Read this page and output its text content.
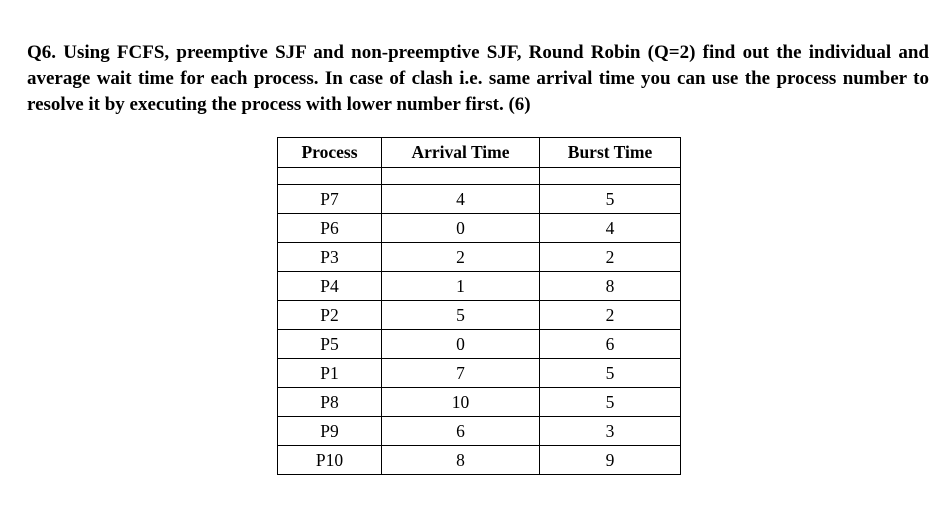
Q6. Using FCFS, preemptive SJF and non-preemptive SJF, Round Robin (Q=2) find out the individual and average wait time for each process. In case of clash i.e. same arrival time you can use the process number to resolve it by executing the process with lower number first. (6)

Process	Arrival Time	Burst Time

P7	4	5
P6	0	4
P3	2	2
P4	1	8
P2	5	2
P5	0	6
P1	7	5
P8	10	5
P9	6	3
P10	8	9
